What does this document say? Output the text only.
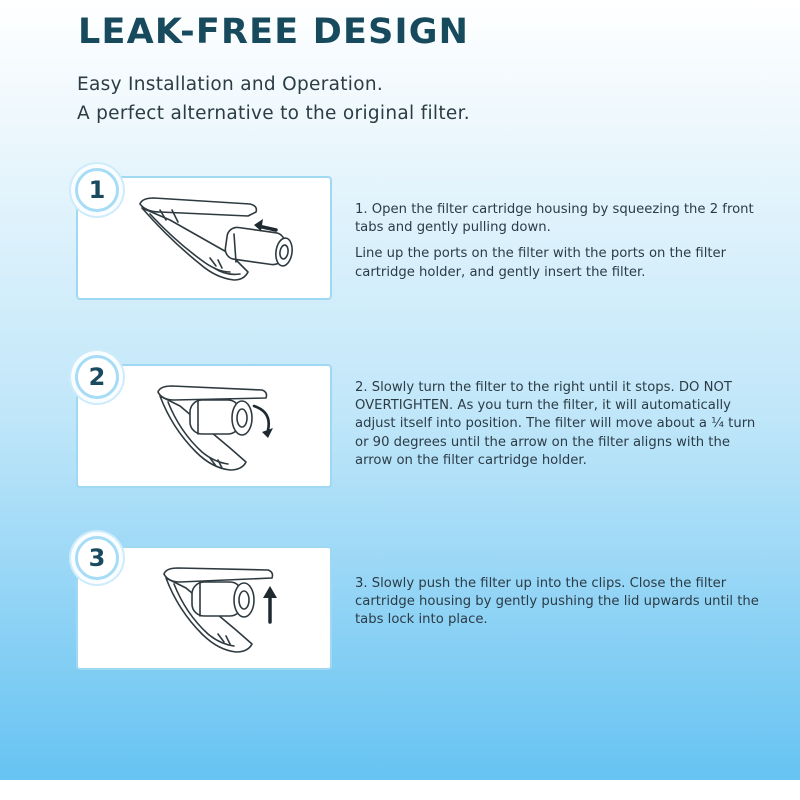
LEAK-FREE DESIGN

Easy Installation and Operation.

A perfect alternative to the original filter.

1

1. Open the filter cartridge housing by squeezing the 2 front tabs and gently pulling down.

Line up the ports on the filter with the ports on the filter cartridge holder, and gently insert the filter.

2	2. Slowly turn the filter to the right until it stops. DO NOT OVERTIGHTEN. As you turn the filter, it will automatically adjust itself into position. The filter will move about a ¼ turn or 90 degrees until the arrow on the filter aligns with the arrow on the filter cartridge holder.

3

3. Slowly push the filter up into the clips. Close the filter cartridge housing by gently pushing the lid upwards until the tabs lock into place.
